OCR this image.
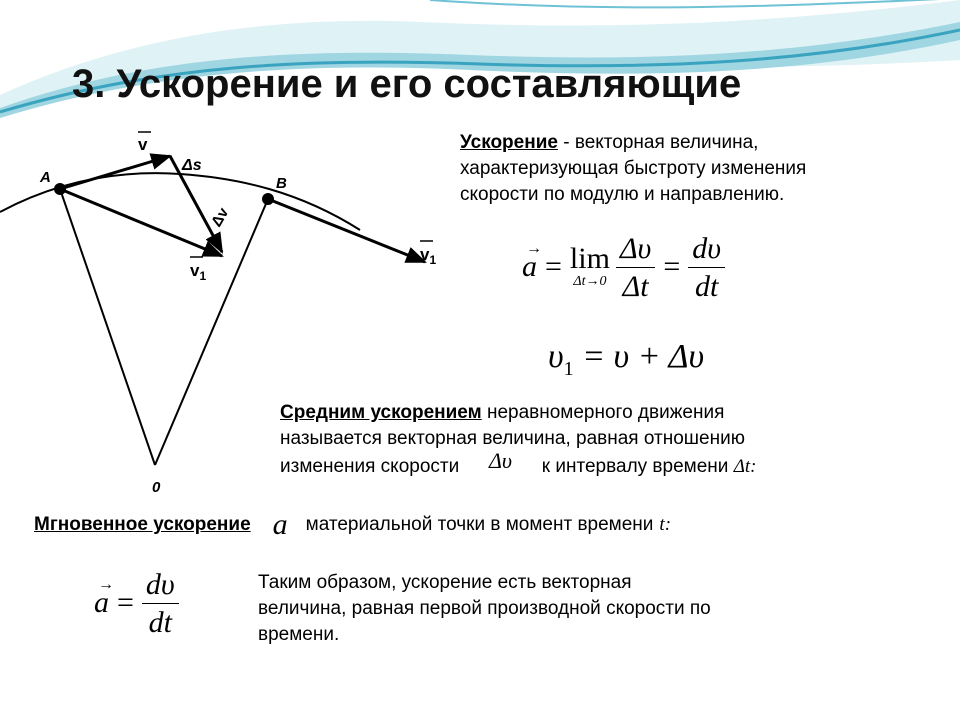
3. Ускорение и его составляющие
A	B
0
v
Δs
Δv
$v_1$
$v_1$
Ускорение - векторная величина,
характеризующая быстроту изменения
скорости по модулю и направлению.
→
a = lim
$\Delta t\to 0 \frac{\Delta\upsilon}{\Delta t} = \frac{d\upsilon}{dt}$
$\upsilon_1 = \upsilon + \Delta\upsilon$
Средним ускорением неравномерного движения
называется векторная величина, равная отношению
изменения скорости Δυ к интервалу времени Δt:
Мгновенное ускорение a материальной точки в момент времени t:
→
$a = \frac{d\upsilon}{dt}$	Таким образом, ускорение есть векторная
величина, равная первой производной скорости по
времени.
